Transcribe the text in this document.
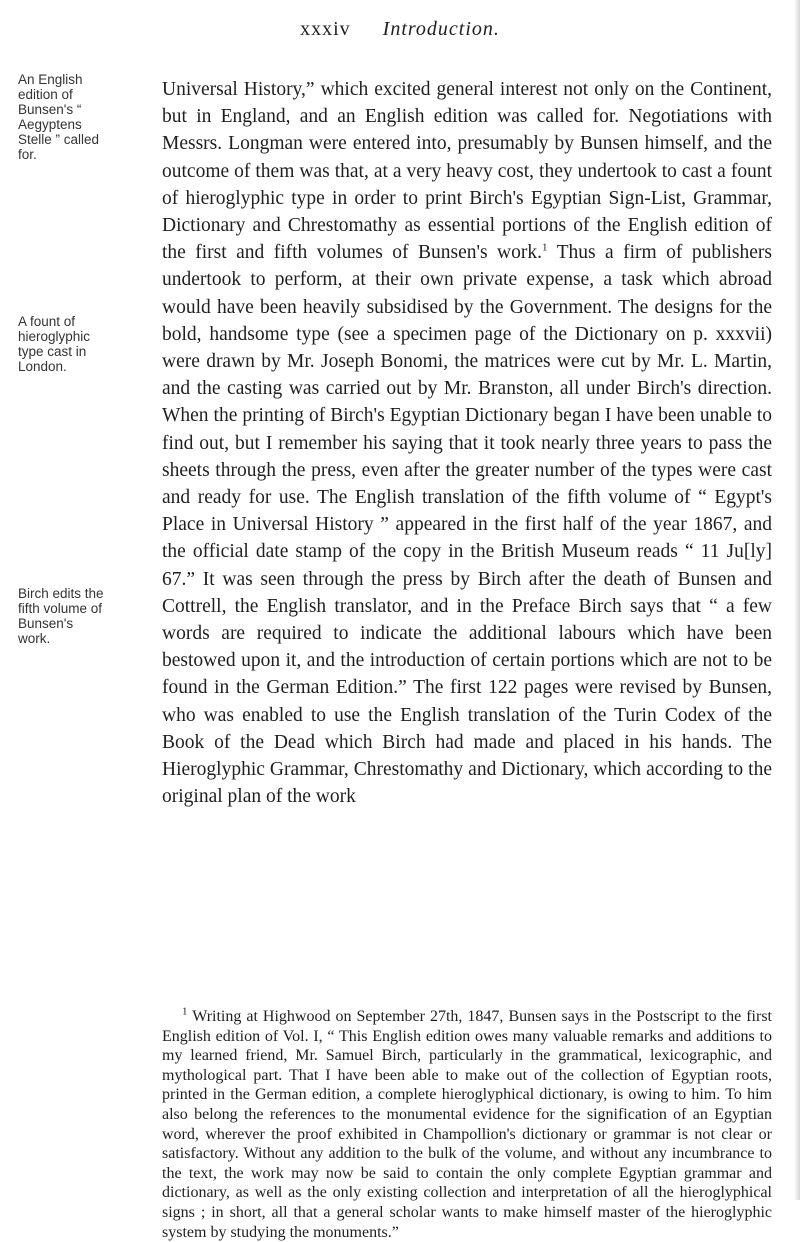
xxxiv Introduction.
An English edition of Bunsen's “ Aegyptens Stelle ” called for.
A fount of hieroglyphic type cast in London.
Birch edits the fifth volume of Bunsen's work.

Universal History,” which excited general interest not only on the Continent, but in England, and an English edition was called for. Negotiations with Messrs. Longman were entered into, presumably by Bunsen himself, and the outcome of them was that, at a very heavy cost, they undertook to cast a fount of hieroglyphic type in order to print Birch's Egyptian Sign-List, Grammar, Dictionary and Chrestomathy as essential portions of the English edition of the first and fifth volumes of Bunsen's work.$^1$ Thus a firm of publishers undertook to perform, at their own private expense, a task which abroad would have been heavily subsidised by the Government. The designs for the bold, handsome type (see a specimen page of the Dictionary on p. xxxvii) were drawn by Mr. Joseph Bonomi, the matrices were cut by Mr. L. Martin, and the casting was carried out by Mr. Branston, all under Birch's direction. When the printing of Birch's Egyptian Dictionary began I have been unable to find out, but I remember his saying that it took nearly three years to pass the sheets through the press, even after the greater number of the types were cast and ready for use. The English translation of the fifth volume of “ Egypt's Place in Universal History ” appeared in the first half of the year 1867, and the official date stamp of the copy in the British Museum reads “ 11 Ju[ly] 67.” It was seen through the press by Birch after the death of Bunsen and Cottrell, the English translator, and in the Preface Birch says that “ a few words are required to indicate the additional labours which have been bestowed upon it, and the introduction of certain portions which are not to be found in the German Edition.” The first 122 pages were revised by Bunsen, who was enabled to use the English translation of the Turin Codex of the Book of the Dead which Birch had made and placed in his hands. The Hieroglyphic Grammar, Chrestomathy and Dictionary, which according to the original plan of the work

$^1$ Writing at Highwood on September 27th, 1847, Bunsen says in the Postscript to the first English edition of Vol. I, “ This English edition owes many valuable remarks and additions to my learned friend, Mr. Samuel Birch, particularly in the grammatical, lexicographic, and mythological part. That I have been able to make out of the collection of Egyptian roots, printed in the German edition, a complete hieroglyphical dictionary, is owing to him. To him also belong the references to the monumental evidence for the signification of an Egyptian word, wherever the proof exhibited in Champollion's dictionary or grammar is not clear or satisfactory. Without any addition to the bulk of the volume, and without any incumbrance to the text, the work may now be said to contain the only complete Egyptian grammar and dictionary, as well as the only existing collection and interpretation of all the hieroglyphical signs ; in short, all that a general scholar wants to make himself master of the hieroglyphic system by studying the monuments.”
